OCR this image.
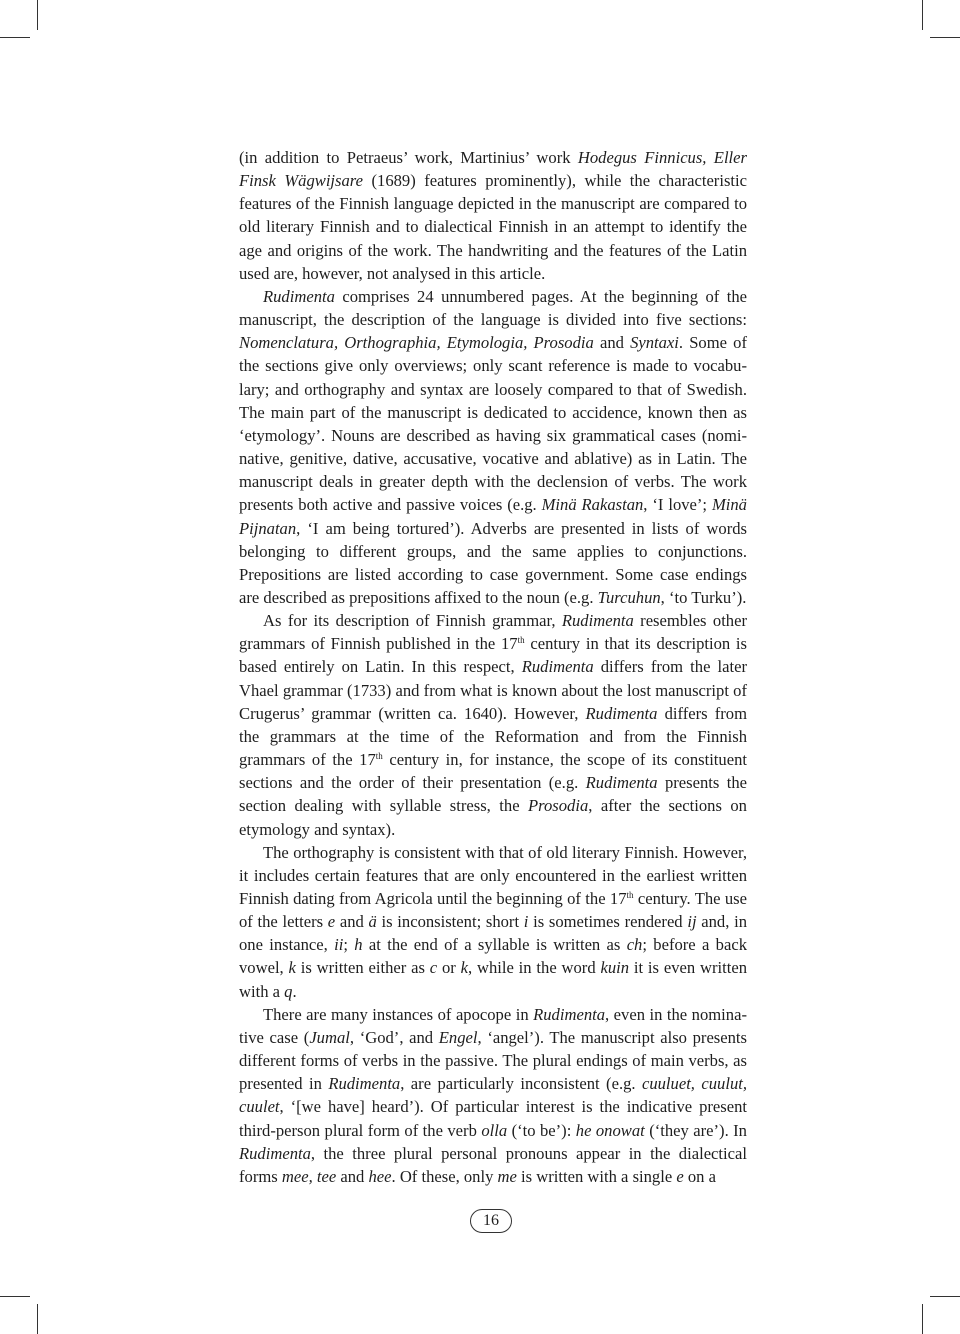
(in addition to Petraeus’ work, Martinius’ work Hodegus Finnicus, Eller Finsk Wägwijsare (1689) features prominently), while the characteristic features of the Finnish language depicted in the manuscript are compared to old literary Finnish and to dialectical Finnish in an attempt to identify the age and origins of the work. The handwriting and the features of the Latin used are, however, not analysed in this article.

Rudimenta comprises 24 unnumbered pages. At the beginning of the manuscript, the description of the language is divided into five sections: Nomenclatura, Orthographia, Etymologia, Prosodia and Syntaxi. Some of the sections give only overviews; only scant reference is made to vocabulary; and orthography and syntax are loosely compared to that of Swedish. The main part of the manuscript is dedicated to accidence, known then as ‘etymology’. Nouns are described as having six grammatical cases (nominative, genitive, dative, accusative, vocative and ablative) as in Latin. The manuscript deals in greater depth with the declension of verbs. The work presents both active and passive voices (e.g. Minä Rakastan, ‘I love’; Minä Pijnatan, ‘I am being tortured’). Adverbs are presented in lists of words belonging to different groups, and the same applies to conjunctions. Prepositions are listed according to case government. Some case endings are described as prepositions affixed to the noun (e.g. Turcuhun, ‘to Turku’).

As for its description of Finnish grammar, Rudimenta resembles other grammars of Finnish published in the 17th century in that its description is based entirely on Latin. In this respect, Rudimenta differs from the later Vhael grammar (1733) and from what is known about the lost manuscript of Crugerus’ grammar (written ca. 1640). However, Rudimenta differs from the grammars at the time of the Reformation and from the Finnish grammars of the 17th century in, for instance, the scope of its constituent sections and the order of their presentation (e.g. Rudimenta presents the section dealing with syllable stress, the Prosodia, after the sections on etymology and syntax).

The orthography is consistent with that of old literary Finnish. However, it includes certain features that are only encountered in the earliest written Finnish dating from Agricola until the beginning of the 17th century. The use of the letters e and ä is inconsistent; short i is sometimes rendered ij and, in one instance, ii; h at the end of a syllable is written as ch; before a back vowel, k is written either as c or k, while in the word kuin it is even written with a q.

There are many instances of apocope in Rudimenta, even in the nominative case (Jumal, ‘God’, and Engel, ‘angel’). The manuscript also presents different forms of verbs in the passive. The plural endings of main verbs, as presented in Rudimenta, are particularly inconsistent (e.g. cuuluet, cuulut, cuulet, ‘[we have] heard’). Of particular interest is the indicative present third-person plural form of the verb olla (‘to be’): he onowat (‘they are’). In Rudimenta, the three plural personal pronouns appear in the dialectical forms mee, tee and hee. Of these, only me is written with a single e on a

16
